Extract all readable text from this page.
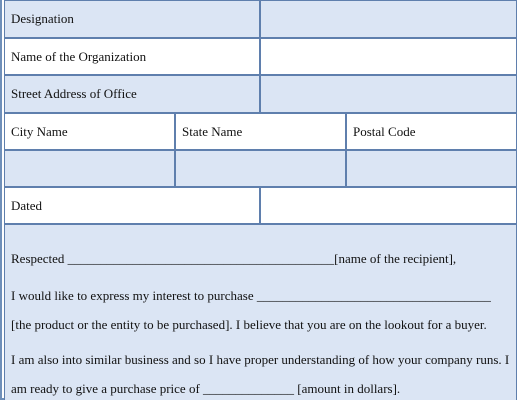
Designation
Name of the Organization
Street Address of Office
City Name	State Name	Postal Code
Dated
Respected _________________________________________[name of the recipient],
I would like to express my interest to purchase ____________________________________
[the product or the entity to be purchased]. I believe that you are on the lookout for a buyer.
I am also into similar business and so I have proper understanding of how your company runs. I
am ready to give a purchase price of ______________ [amount in dollars].
